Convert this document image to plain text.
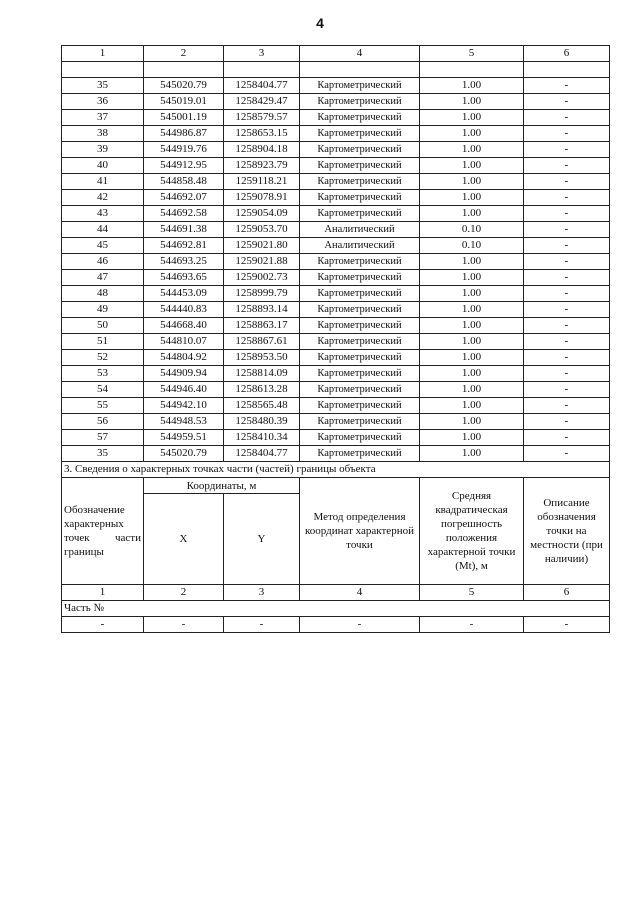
4
1	2	3	4	5	6

35	545020.79	1258404.77	Картометрический	1.00	-
36	545019.01	1258429.47	Картометрический	1.00	-
37	545001.19	1258579.57	Картометрический	1.00	-
38	544986.87	1258653.15	Картометрический	1.00	-
39	544919.76	1258904.18	Картометрический	1.00	-
40	544912.95	1258923.79	Картометрический	1.00	-
41	544858.48	1259118.21	Картометрический	1.00	-
42	544692.07	1259078.91	Картометрический	1.00	-
43	544692.58	1259054.09	Картометрический	1.00	-
44	544691.38	1259053.70	Аналитический	0.10	-
45	544692.81	1259021.80	Аналитический	0.10	-
46	544693.25	1259021.88	Картометрический	1.00	-
47	544693.65	1259002.73	Картометрический	1.00	-
48	544453.09	1258999.79	Картометрический	1.00	-
49	544440.83	1258893.14	Картометрический	1.00	-
50	544668.40	1258863.17	Картометрический	1.00	-
51	544810.07	1258867.61	Картометрический	1.00	-
52	544804.92	1258953.50	Картометрический	1.00	-
53	544909.94	1258814.09	Картометрический	1.00	-
54	544946.40	1258613.28	Картометрический	1.00	-
55	544942.10	1258565.48	Картометрический	1.00	-
56	544948.53	1258480.39	Картометрический	1.00	-
57	544959.51	1258410.34	Картометрический	1.00	-
35	545020.79	1258404.77	Картометрический	1.00	-
3. Сведения о характерных точках части (частей) границы объекта					
Обозначение характерных точек части границы	Координаты, м		Метод определения координат характерной точки	Средняя квадратическая погрешность положения характерной точки (Мt), м	Описание обозначения точки на местности (при наличии)
	X	Y			
1	2	3	4	5	6
Часть №					
-	-	-	-	-	-
